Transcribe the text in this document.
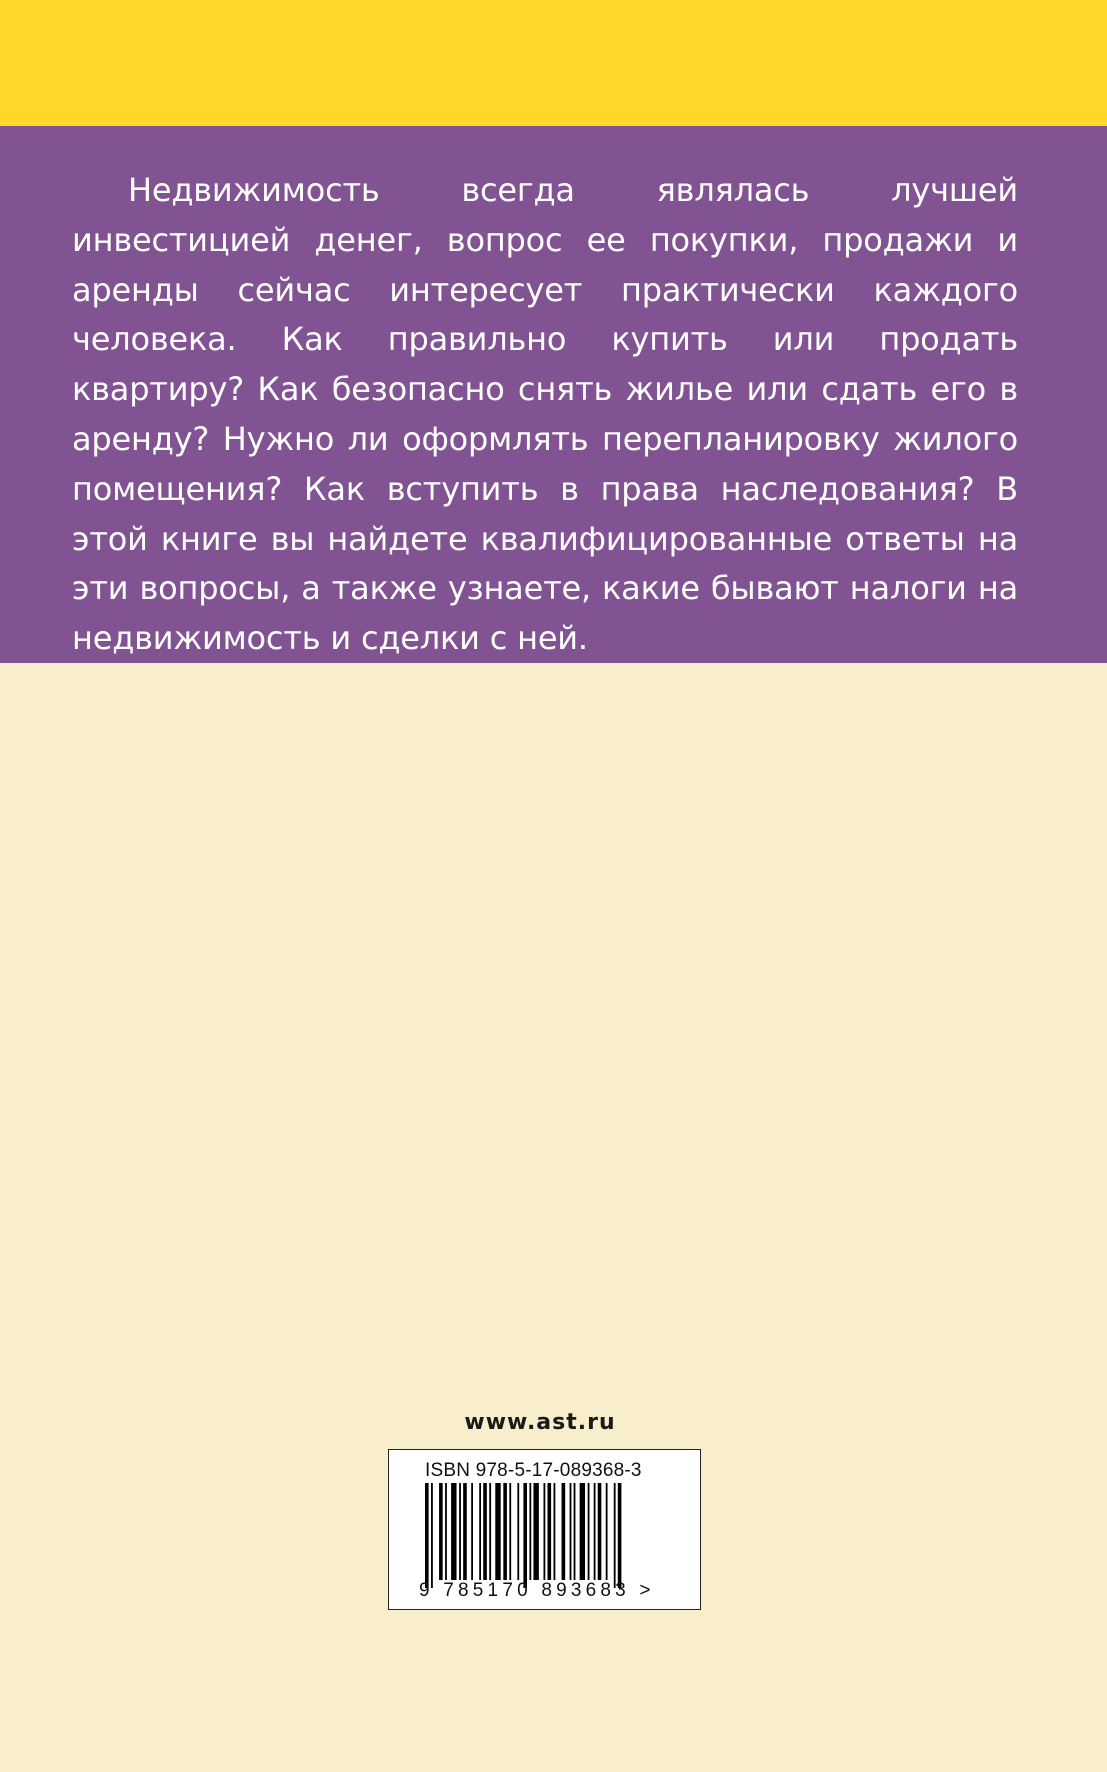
Недвижимость всегда являлась лучшей инвестицией денег, вопрос ее покупки, продажи и аренды сейчас интересует практически каждого человека. Как правильно купить или продать квартиру? Как безопасно снять жилье или сдать его в аренду? Нужно ли оформлять перепланировку жилого помещения? Как вступить в права наследования? В этой книге вы найдете квалифицированные ответы на эти вопросы, а также узнаете, какие бывают налоги на недвижимость и сделки с ней.

www.ast.ru
ISBN 978-5-17-089368-3
9 785170 893683 >
